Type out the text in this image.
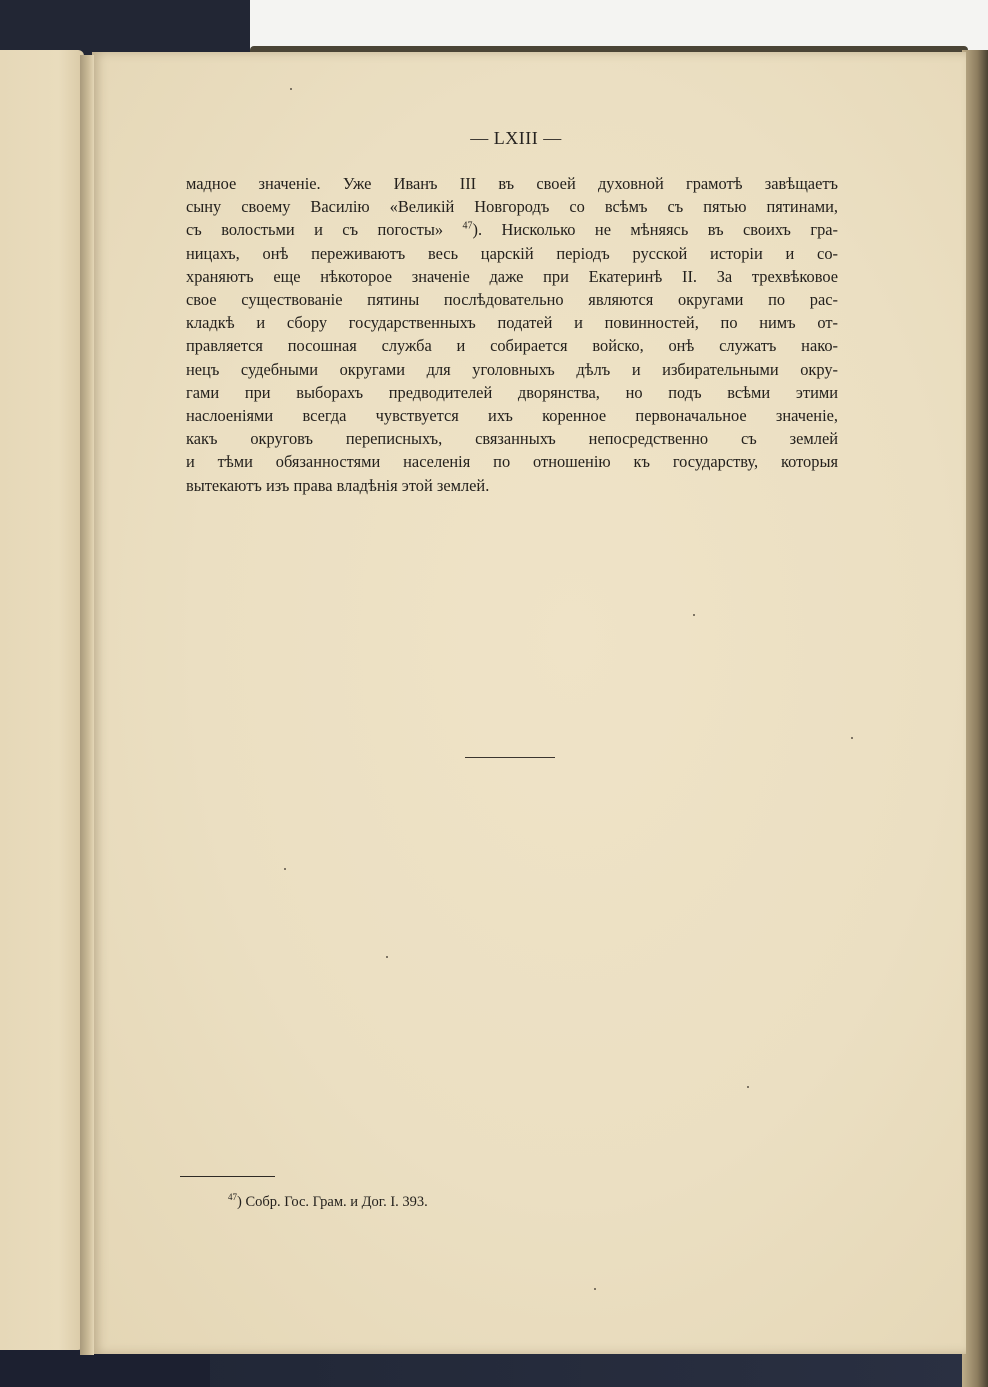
— LXIII —
мадное значеніе. Уже Иванъ III въ своей духовной грамотѣ завѣщаетъ
сыну своему Василію «Великій Новгородъ со всѣмъ съ пятью пятинами,
съ волостьми и съ погосты» $^{47}$). Нисколько не мѣняясь въ своихъ гра-
ницахъ, онѣ переживаютъ весь царскій періодъ русской исторіи и со-
храняютъ еще нѣкоторое значеніе даже при Екатеринѣ II. За трехвѣковое
свое существованіе пятины послѣдовательно являются округами по рас-
кладкѣ и сбору государственныхъ податей и повинностей, по нимъ от-
правляется посошная служба и собирается войско, онѣ служатъ нако-
нецъ судебными округами для уголовныхъ дѣлъ и избирательными окру-
гами при выборахъ предводителей дворянства, но подъ всѣми этими
наслоеніями всегда чувствуется ихъ коренное первоначальное значеніе,
какъ округовъ переписныхъ, связанныхъ непосредственно съ землей
и тѣми обязанностями населенія по отношенію къ государству, которыя
вытекаютъ изъ права владѣнія этой землей.
$^{47}$) Собр. Гос. Грам. и Дог. I. 393.
